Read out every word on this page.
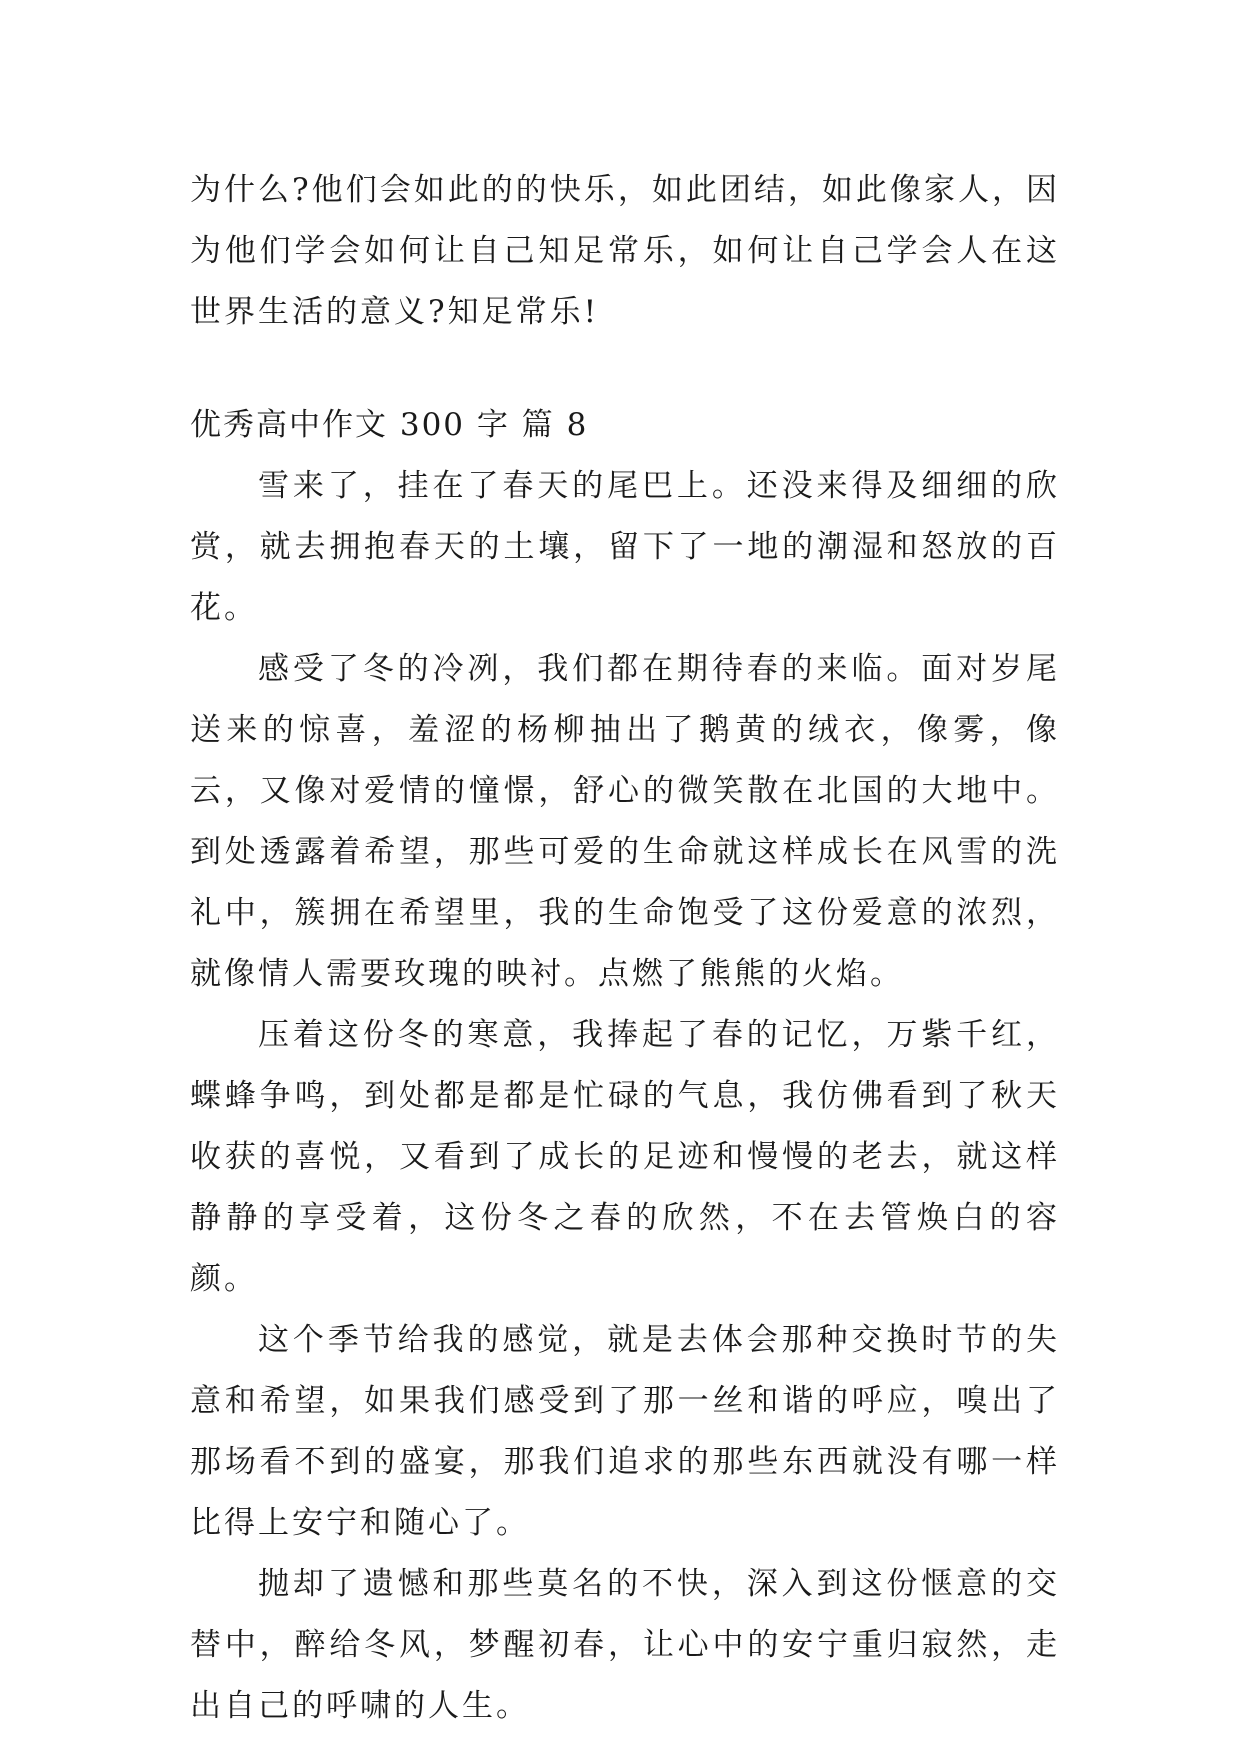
为什么?他们会如此的的快乐，如此团结，如此像家人，因为他们学会如何让自己知足常乐，如何让自己学会人在这世界生活的意义?知足常乐!

优秀高中作文 300 字 篇 8

雪来了，挂在了春天的尾巴上。还没来得及细细的欣赏，就去拥抱春天的土壤，留下了一地的潮湿和怒放的百花。

感受了冬的冷冽，我们都在期待春的来临。面对岁尾送来的惊喜，羞涩的杨柳抽出了鹅黄的绒衣，像雾，像云，又像对爱情的憧憬，舒心的微笑散在北国的大地中。到处透露着希望，那些可爱的生命就这样成长在风雪的洗礼中，簇拥在希望里，我的生命饱受了这份爱意的浓烈，就像情人需要玫瑰的映衬。点燃了熊熊的火焰。

压着这份冬的寒意，我捧起了春的记忆，万紫千红，蝶蜂争鸣，到处都是都是忙碌的气息，我仿佛看到了秋天收获的喜悦，又看到了成长的足迹和慢慢的老去，就这样静静的享受着，这份冬之春的欣然，不在去管焕白的容颜。

这个季节给我的感觉，就是去体会那种交换时节的失意和希望，如果我们感受到了那一丝和谐的呼应，嗅出了那场看不到的盛宴，那我们追求的那些东西就没有哪一样比得上安宁和随心了。

抛却了遗憾和那些莫名的不快，深入到这份惬意的交替中，醉给冬风，梦醒初春，让心中的安宁重归寂然，走出自己的呼啸的人生。
